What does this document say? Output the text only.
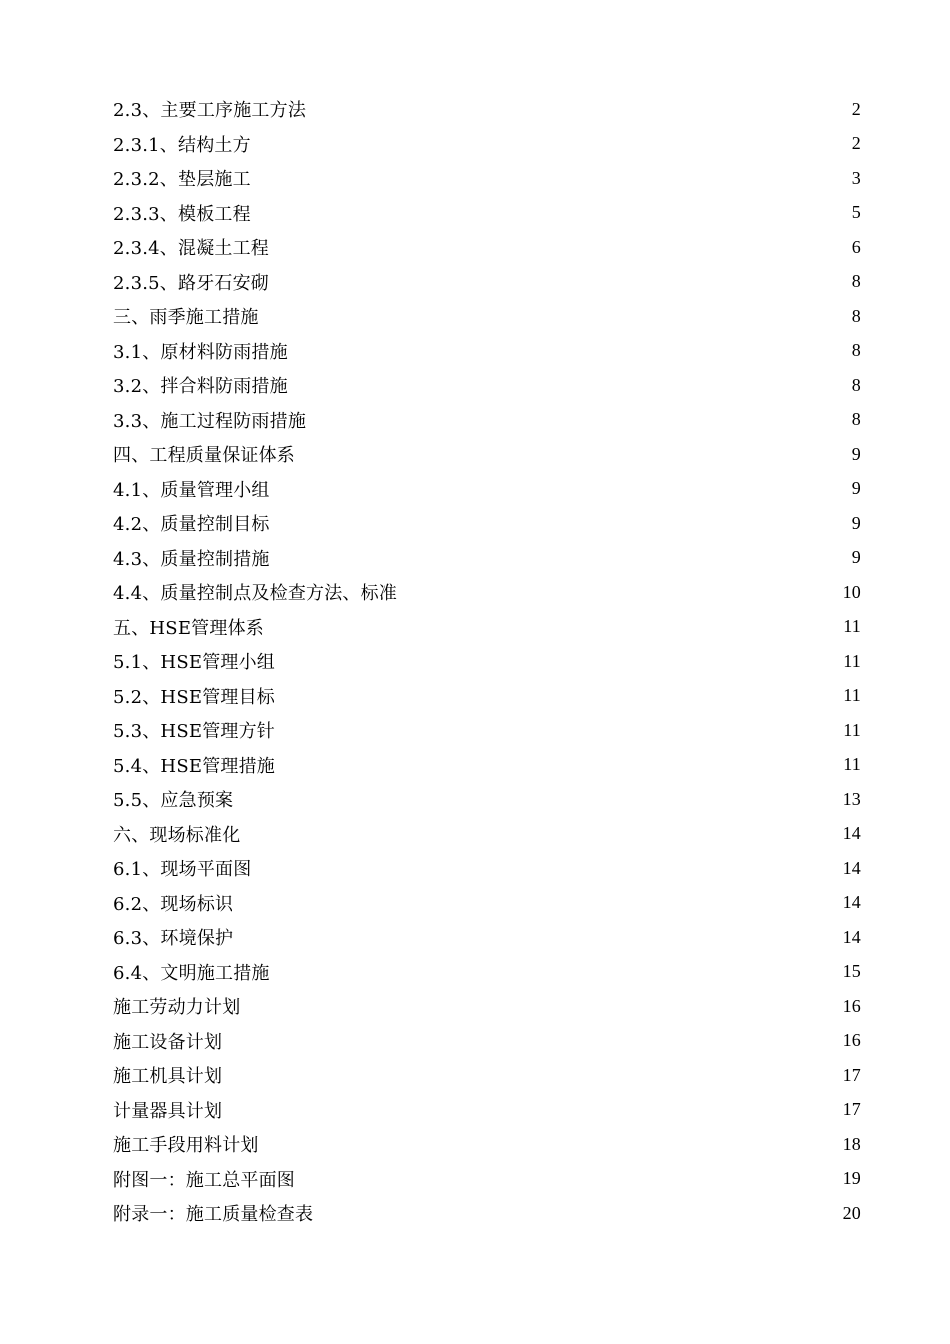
2.3、主要工序施工方法	2
2.3.1、结构土方	2
2.3.2、垫层施工	3
2.3.3、模板工程	5
2.3.4、混凝土工程	6
2.3.5、路牙石安砌	8
三、雨季施工措施	8
3.1、原材料防雨措施	8
3.2、拌合料防雨措施	8
3.3、施工过程防雨措施	8
四、工程质量保证体系	9
4.1、质量管理小组	9
4.2、质量控制目标	9
4.3、质量控制措施	9
4.4、质量控制点及检查方法、标准	10
五、HSE管理体系	11
5.1、HSE管理小组	11
5.2、HSE管理目标	11
5.3、HSE管理方针	11
5.4、HSE管理措施	11
5.5、应急预案	13
六、现场标准化	14
6.1、现场平面图	14
6.2、现场标识	14
6.3、环境保护	14
6.4、文明施工措施	15
施工劳动力计划	16
施工设备计划	16
施工机具计划	17
计量器具计划	17
施工手段用料计划	18
附图一：施工总平面图	19
附录一：施工质量检查表	20
